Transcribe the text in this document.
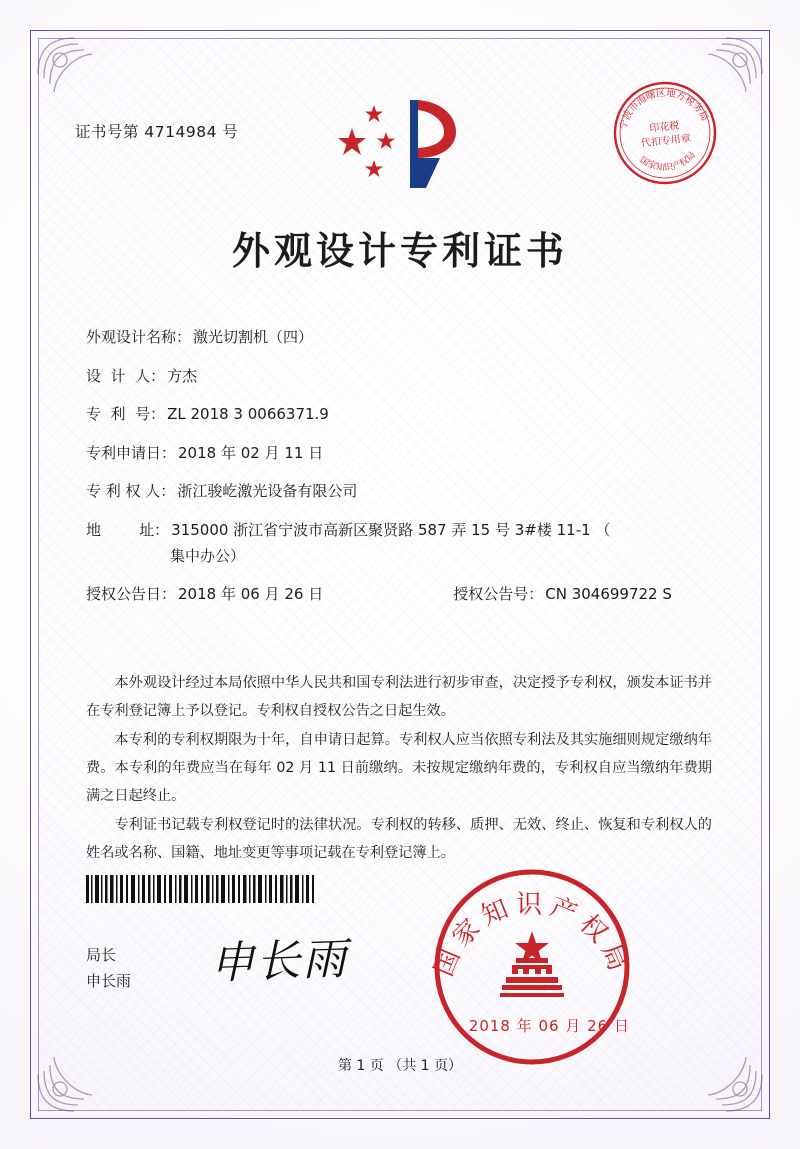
证书号第 4714984 号	宁波市海曙区地方税务局
国家知识产权局
印花税
代扣专用章
外观设计专利证书
外观设计名称： 激光切割机（四）
设  计  人： 方杰
专  利  号： ZL 2018 3 0066371.9
专利申请日： 2018 年 02 月 11 日
专 利 权 人： 浙江骏屹激光设备有限公司
地        址： 315000 浙江省宁波市高新区聚贤路 587 弄 15 号 3#楼 11-1 （
集中办公）
授权公告日： 2018 年 06 月 26 日	授权公告号： CN 304699722 S

本外观设计经过本局依照中华人民共和国专利法进行初步审查，决定授予专利权，颁发本证书并在专利登记簿上予以登记。专利权自授权公告之日起生效。

本专利的专利权期限为十年，自申请日起算。专利权人应当依照专利法及其实施细则规定缴纳年费。本专利的年费应当在每年 02 月 11 日前缴纳。未按规定缴纳年费的，专利权自应当缴纳年费期满之日起终止。

专利证书记载专利权登记时的法律状况。专利权的转移、质押、无效、终止、恢复和专利权人的姓名或名称、国籍、地址变更等事项记载在专利登记簿上。

局长
申长雨 申长雨	国家知识产权局
2018 年 06 月 26 日
第 1 页 （共 1 页）
